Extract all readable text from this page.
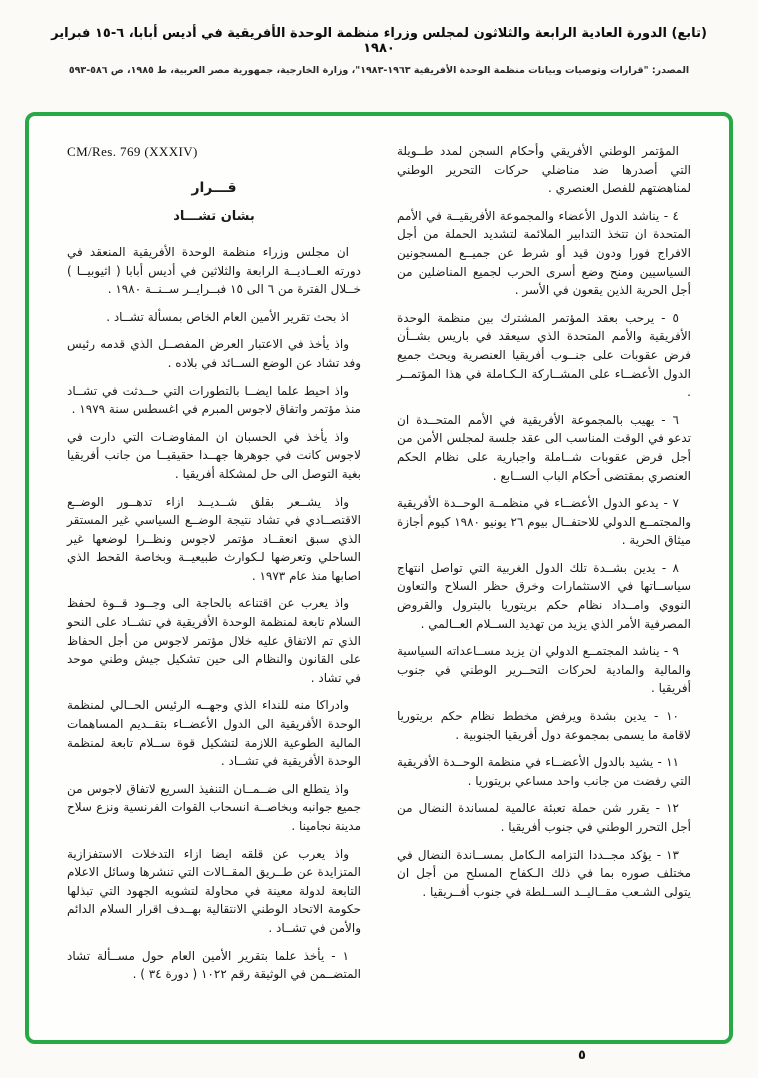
(تابع) الدورة العادية الرابعة والثلاثون لمجلس وزراء منظمة الوحدة الأفريقية في أديس أبابا، ٦-١٥ فبراير ١٩٨٠
المصدر: "قرارات وتوصيات وبيانات منظمة الوحدة الأفريقية ١٩٦٣-١٩٨٣"، وزارة الخارجية، جمهورية مصر العربية، ط ١٩٨٥، ص ٥٨٦-٥٩٣

المؤتمر الوطني الأفريقي وأحكام السجن لمدد طــويلة التي أصدرها ضد مناضلي حركات التحرير الوطني لمناهضتهم للفصل العنصري .

٤ - يناشد الدول الأعضاء والمجموعة الأفريقيــة في الأمم المتحدة ان تتخذ التدابير الملائمة لتشديد الحملة من أجل الافراج فورا ودون قيد أو شرط عن جميــع المسجونين السياسيين ومنح وضع أسرى الحرب لجميع المناضلين من أجل الحرية الذين يقعون في الأسر .

٥ - يرحب بعقد المؤتمر المشترك بين منظمة الوحدة الأفريقية والأمم المتحدة الذي سيعقد في باريس بشــأن فرض عقوبات على جنــوب أفريقيا العنصرية ويحث جميع الدول الأعضــاء على المشــاركة الـكـاملة في هذا المؤتمــر .

٦ - يهيب بالمجموعة الأفريقية في الأمم المتحــدة ان تدعو في الوقت المناسب الى عقد جلسة لمجلس الأمن من أجل فرض عقوبات شــاملة واجبارية على نظام الحكم العنصري بمقتضى أحكام الباب الســابع .

٧ - يدعو الدول الأعضــاء في منظمــة الوحــدة الأفريقية والمجتمــع الدولي للاحتفــال بيوم ٢٦ يونيو ١٩٨٠ كيوم أجازة ميثاق الحرية .

٨ - يدين بشــدة تلك الدول الغربية التي تواصل انتهاج سياســاتها في الاستثمارات وخرق حظر السلاح والتعاون النووي وامــداد نظام حكم بريتوريا بالبترول والقروض المصرفية الأمر الذي يزيد من تهديد الســلام العــالمي .

٩ - يناشد المجتمــع الدولي ان يزيد مســاعداته السياسية والمالية والمادية لحركات التحــرير الوطني في جنوب أفريقيا .

١٠ - يدين بشدة ويرفض مخطط نظام حكم بريتوريا لاقامة ما يسمى بمجموعة دول أفريقيا الجنوبية .

١١ - يشيد بالدول الأعضــاء في منظمة الوحــدة الأفريقية التي رفضت من جانب واحد مساعي بريتوريا .

١٢ - يقرر شن حملة تعبئة عالمية لمساندة النضال من أجل التحرر الوطني في جنوب أفريقيا .

١٣ - يؤكد مجــددا التزامه الـكامل بمســاندة النضال في مختلف صوره بما في ذلك الـكفاح المسلح من أجل ان يتولى الشـعب مقــاليــد الســلطة في جنوب أفــريقيا .

CM/Res. 769 (XXXIV)
قـــرار
بشان تشـــاد

ان مجلس وزراء منظمة الوحدة الأفريقية المنعقد في دورته العــاديــة الرابعة والثلاثين في أديس أبابا ( اثيوبيــا ) خــلال الفترة من ٦ الى ١٥ فبــرايــر ســنــة ١٩٨٠ .

اذ بحث تقرير الأمين العام الخاص بمسألة تشــاد .

واذ يأخذ في الاعتبار العرض المفصــل الذي قدمه رئيس وفد تشاد عن الوضع الســائد في بلاده .

واذ احيط علما ايضــا بالتطورات التي حــدثت في تشــاد منذ مؤتمر واتفاق لاجوس المبرم في اغسطس سنة ١٩٧٩ .

واذ يأخذ في الحسبان ان المفاوضـات التي دارت في لاجوس كانت في جوهرها جهــدا حقيقيــا من جانب أفريقيا بغية التوصل الى حل لمشكلة أفريقيا .

واذ يشــعر بقلق شــديــد ازاء تدهــور الوضــع الاقتصــادي في تشاد نتيجة الوضــع السياسي غير المستقر الذي سبق انعقــاد مؤتمر لاجوس ونظــرا لوضعها غير الساحلي وتعرضها لـكوارث طبيعيــة وبخاصة القحط الذي اصابها منذ عام ١٩٧٣ .

واذ يعرب عن اقتناعه بالحاجة الى وجــود قــوة لحفظ السلام تابعة لمنظمة الوحدة الأفريقية في تشــاد على النحو الذي تم الاتفاق عليه خلال مؤتمر لاجوس من أجل الحفاظ على القانون والنظام الى حين تشكيل جيش وطني موحد في تشاد .

وادراكا منه للنداء الذي وجهــه الرئيس الحــالي لمنظمة الوحدة الأفريقية الى الدول الأعضــاء بتقــديم المساهمات المالية الطوعية اللازمة لتشكيل قوة ســلام تابعة لمنظمة الوحدة الأفريقية في تشــاد .

واذ يتطلع الى ضــمــان التنفيذ السريع لاتفاق لاجوس من جميع جوانبه وبخاصــة انسحاب القوات الفرنسية ونزع سلاح مدينة نجامينا .

واذ يعرب عن قلقه ايضا ازاء التدخلات الاستفزازية المتزايدة عن طــريق المقــالات التي تنشرها وسائل الاعلام التابعة لدولة معينة في محاولة لتشويه الجهود التي تبذلها حكومة الاتحاد الوطني الانتقالية بهــدف اقرار السلام الدائم والأمن في تشــاد .

١ - يأخذ علما بتقرير الأمين العام حول مســألة تشاد المتضــمن في الوثيقة رقم ١٠٢٢ ( دورة ٣٤ ) .

٥
